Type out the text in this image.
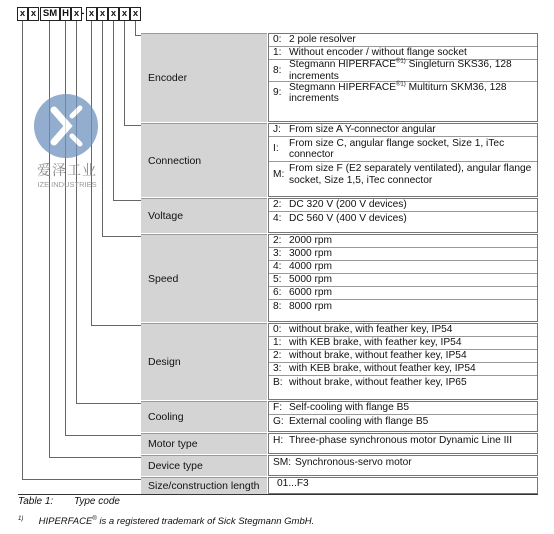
x x SM H x	x x x x x
-
爱泽工业
IZE INDUSTRIES
Encoder
0: 2 pole resolver
1: Without encoder / without flange socket
8:
Stegmann $HIPERFACE^{®1)}$ Singleturn SKS36, 128 increments
9:
Stegmann $HIPERFACE^{®1)}$ Multiturn SKM36, 128 increments
Connection
J: From size A Y-connector angular
I:
From size C, angular flange socket, Size 1, iTec connector
M:
From size F (E2 separately ventilated), angular flange socket, Size 1,5, iTec connector
Voltage
2: DC 320 V (200 V devices)
4: DC 560 V (400 V devices)
Speed
2: 2000 rpm
3: 3000 rpm
4: 4000 rpm
5: 5000 rpm
6: 6000 rpm
8: 8000 rpm
Design
0: without brake, with feather key, IP54
1: with KEB brake, with feather key, IP54
2: without brake, without feather key, IP54
3: with KEB brake, without feather key, IP54
B: without brake, without feather key, IP65
Cooling
F: Self-cooling with flange B5
G: External cooling with flange B5
Motor type	H: Three-phase synchronous motor Dynamic Line III
Device type	SM: Synchronous-servo motor
Size/construction length	01...F3
Table 1: Type code
$^{1)}$ HIPERFACE® is a registered trademark of Sick Stegmann GmbH.
